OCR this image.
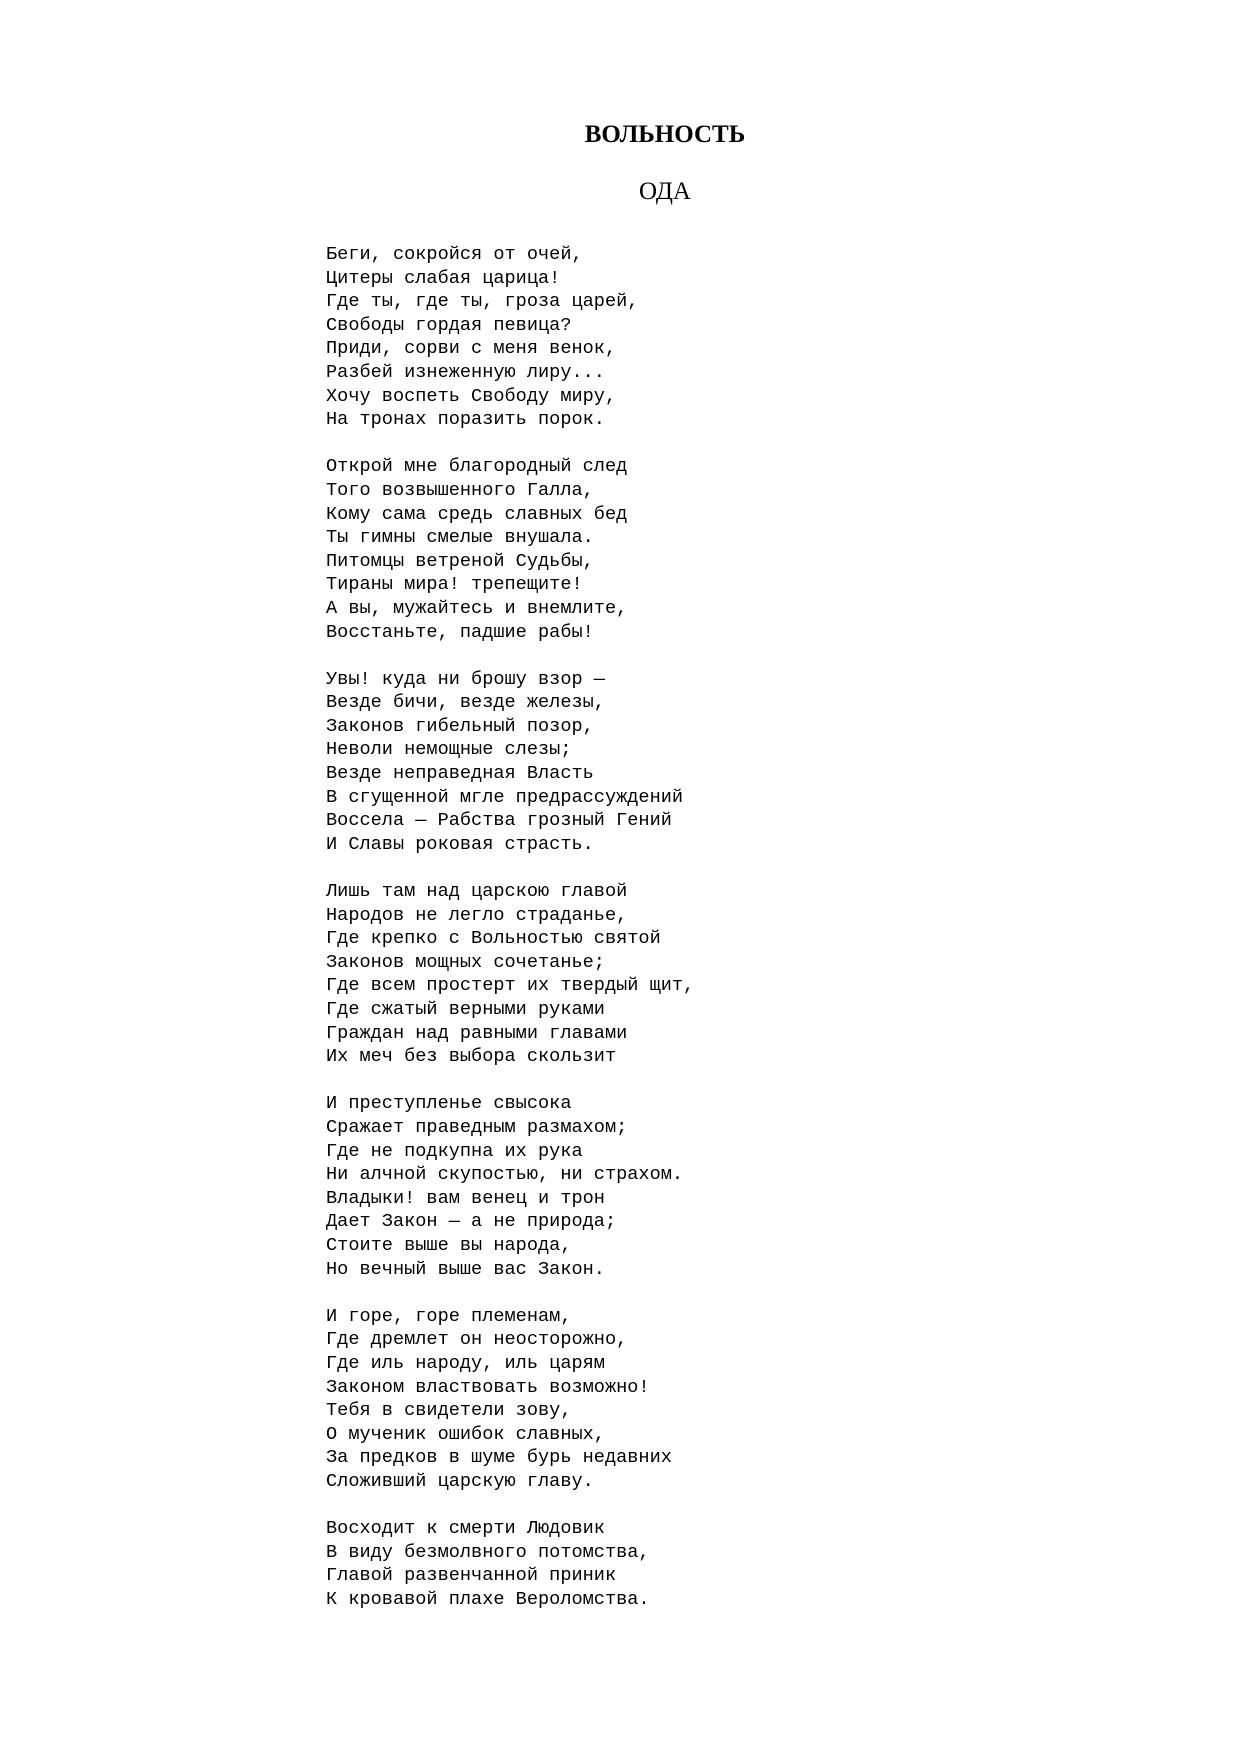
ВОЛЬНОСТЬ
ОДА
Беги, сокройся от очей,
Цитеры слабая царица!
Где ты, где ты, гроза царей,
Свободы гордая певица?
Приди, сорви с меня венок,
Разбей изнеженную лиру...
Хочу воспеть Свободу миру,
На тронах поразить порок.
Открой мне благородный след
Того возвышенного Галла,
Кому сама средь славных бед
Ты гимны смелые внушала.
Питомцы ветреной Судьбы,
Тираны мира! трепещите!
А вы, мужайтесь и внемлите,
Восстаньте, падшие рабы!
Увы! куда ни брошу взор —
Везде бичи, везде железы,
Законов гибельный позор,
Неволи немощные слезы;
Везде неправедная Власть
В сгущенной мгле предрассуждений
Воссела — Рабства грозный Гений
И Славы роковая страсть.
Лишь там над царскою главой
Народов не легло страданье,
Где крепко с Вольностью святой
Законов мощных сочетанье;
Где всем простерт их твердый щит,
Где сжатый верными руками
Граждан над равными главами
Их меч без выбора скользит
И преступленье свысока
Сражает праведным размахом;
Где не подкупна их рука
Ни алчной скупостью, ни страхом.
Владыки! вам венец и трон
Дает Закон — а не природа;
Стоите выше вы народа,
Но вечный выше вас Закон.
И горе, горе племенам,
Где дремлет он неосторожно,
Где иль народу, иль царям
Законом властвовать возможно!
Тебя в свидетели зову,
О мученик ошибок славных,
За предков в шуме бурь недавних
Сложивший царскую главу.
Восходит к смерти Людовик
В виду безмолвного потомства,
Главой развенчанной приник
К кровавой плахе Вероломства.
